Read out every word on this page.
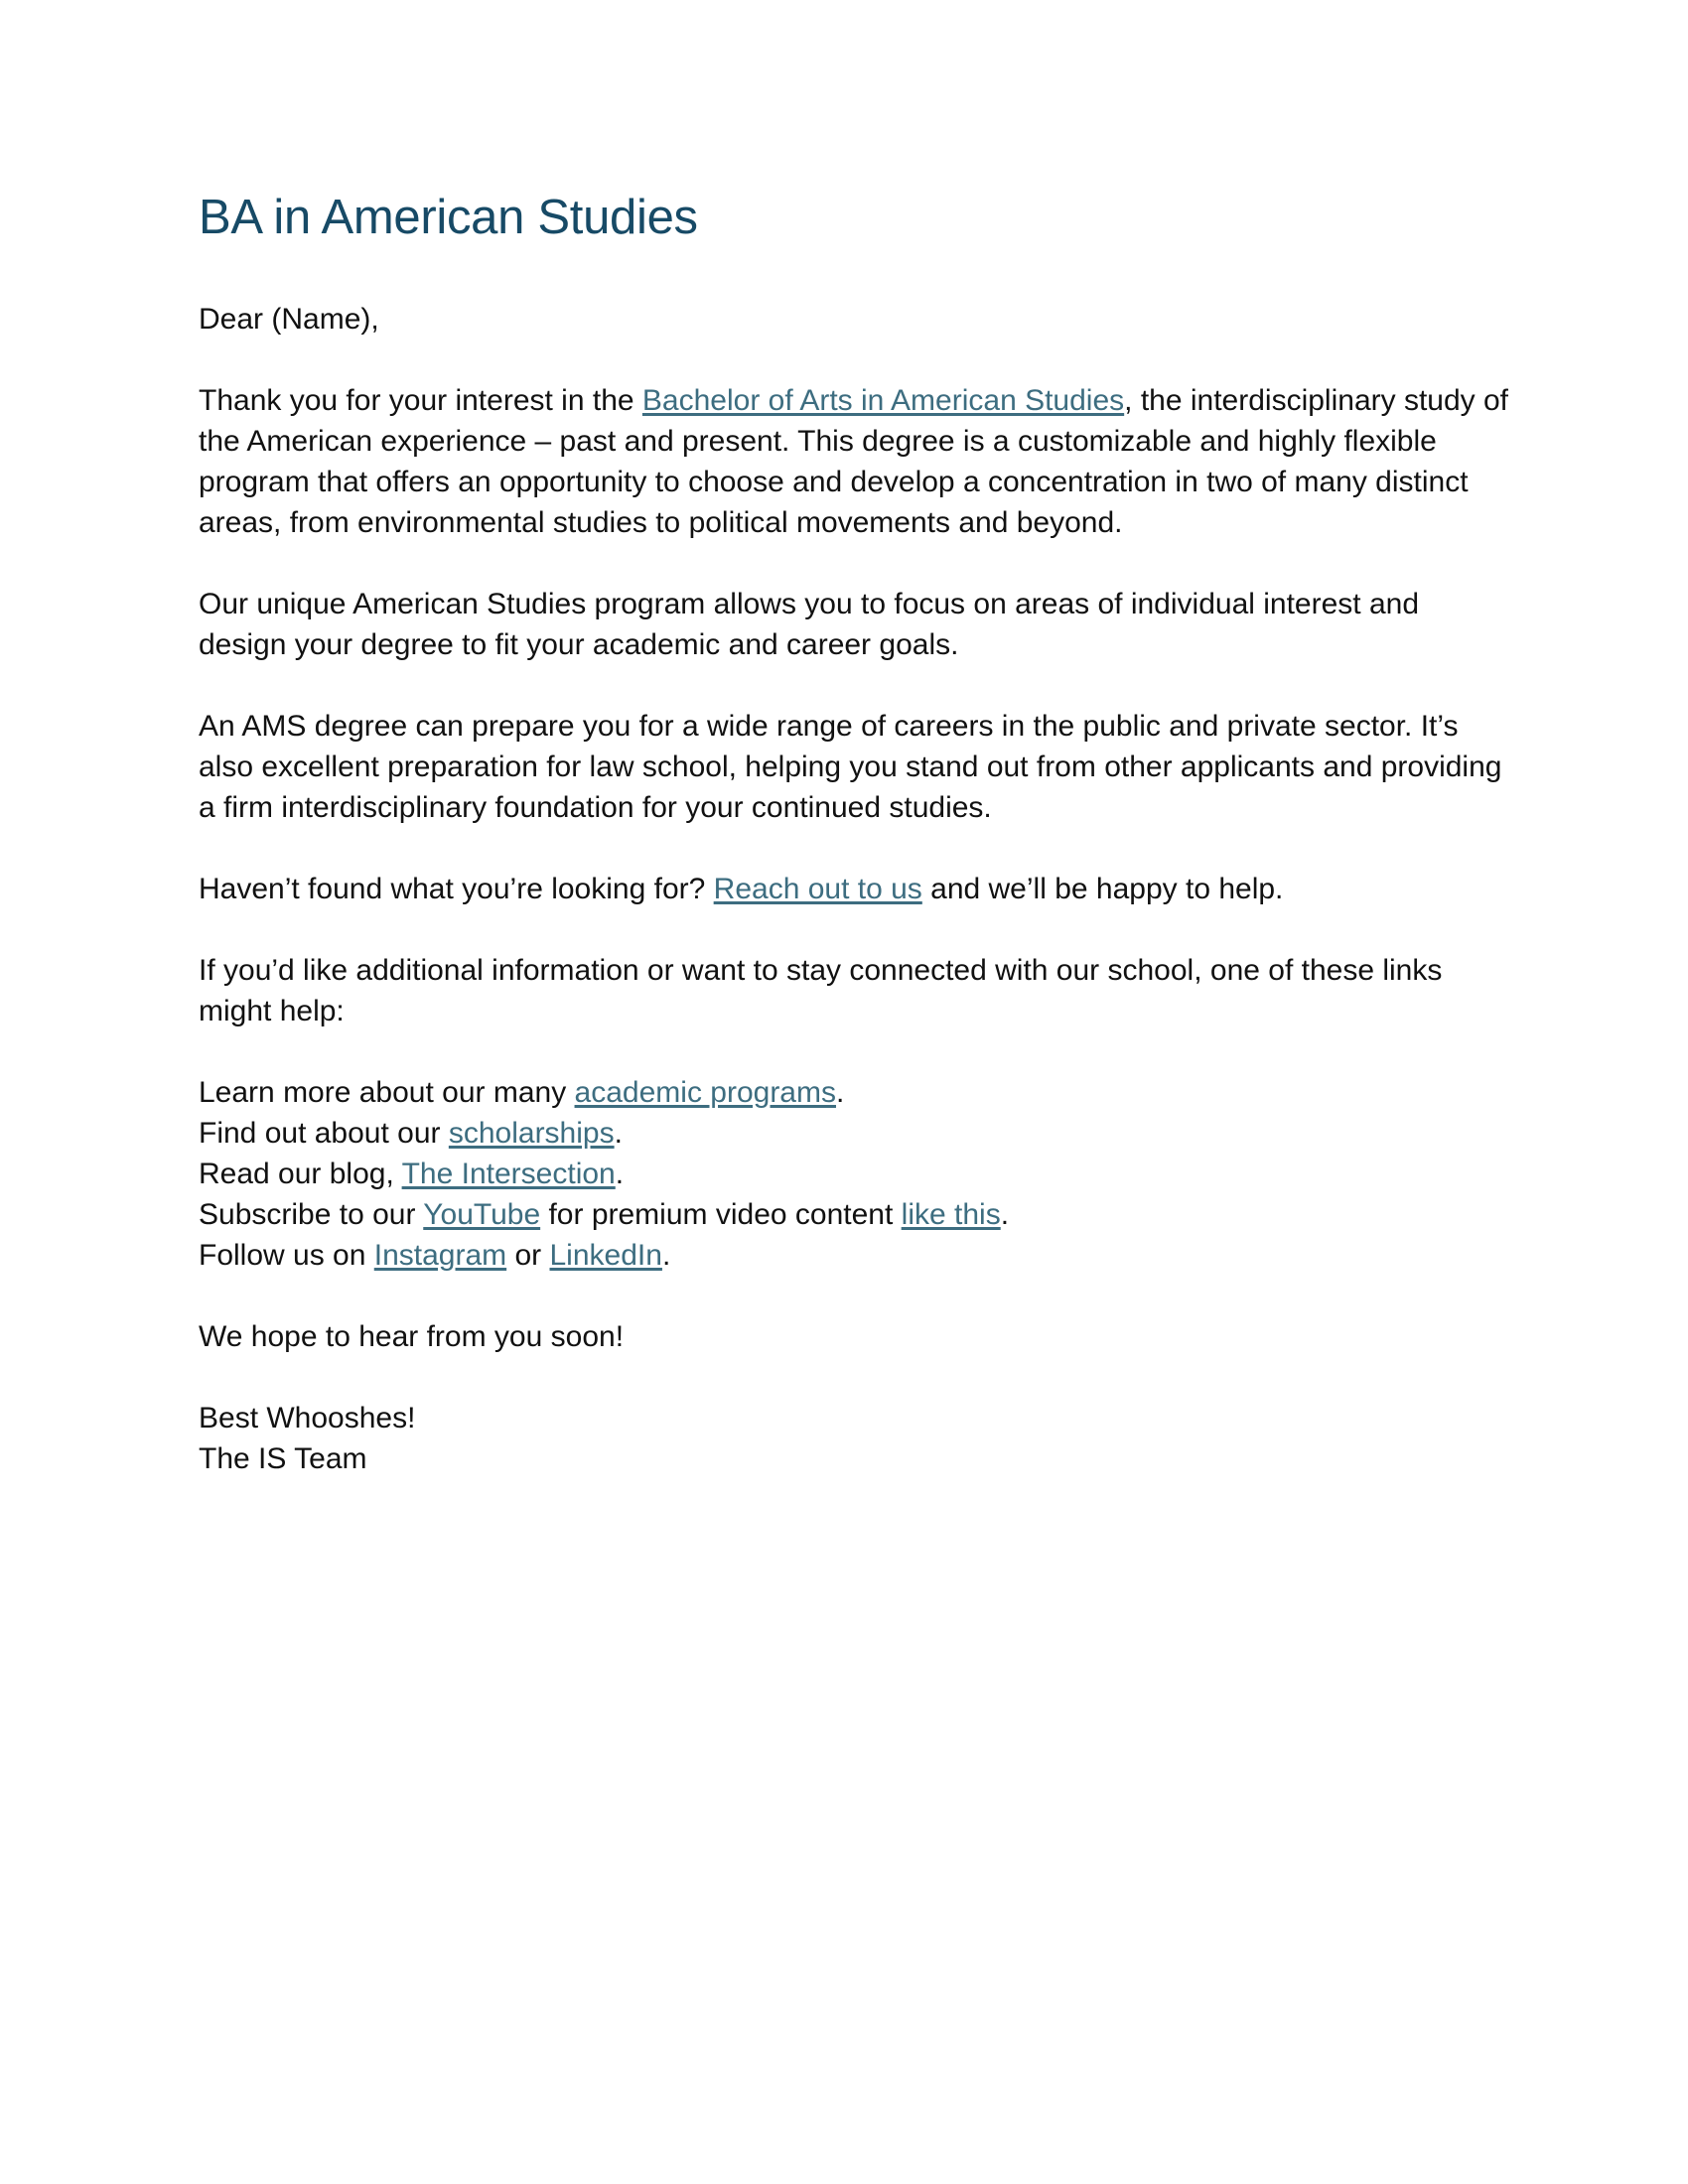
BA in American Studies

Dear (Name),

Thank you for your interest in the Bachelor of Arts in American Studies, the interdisciplinary study of the American experience – past and present. This degree is a customizable and highly flexible program that offers an opportunity to choose and develop a concentration in two of many distinct areas, from environmental studies to political movements and beyond.

Our unique American Studies program allows you to focus on areas of individual interest and design your degree to fit your academic and career goals.

An AMS degree can prepare you for a wide range of careers in the public and private sector. It’s also excellent preparation for law school, helping you stand out from other applicants and providing a firm interdisciplinary foundation for your continued studies.

Haven’t found what you’re looking for? Reach out to us and we’ll be happy to help.

If you’d like additional information or want to stay connected with our school, one of these links might help:

Learn more about our many academic programs.

Find out about our scholarships.

Read our blog, The Intersection.

Subscribe to our YouTube for premium video content like this.

Follow us on Instagram or LinkedIn.

We hope to hear from you soon!

Best Whooshes!

The IS Team
